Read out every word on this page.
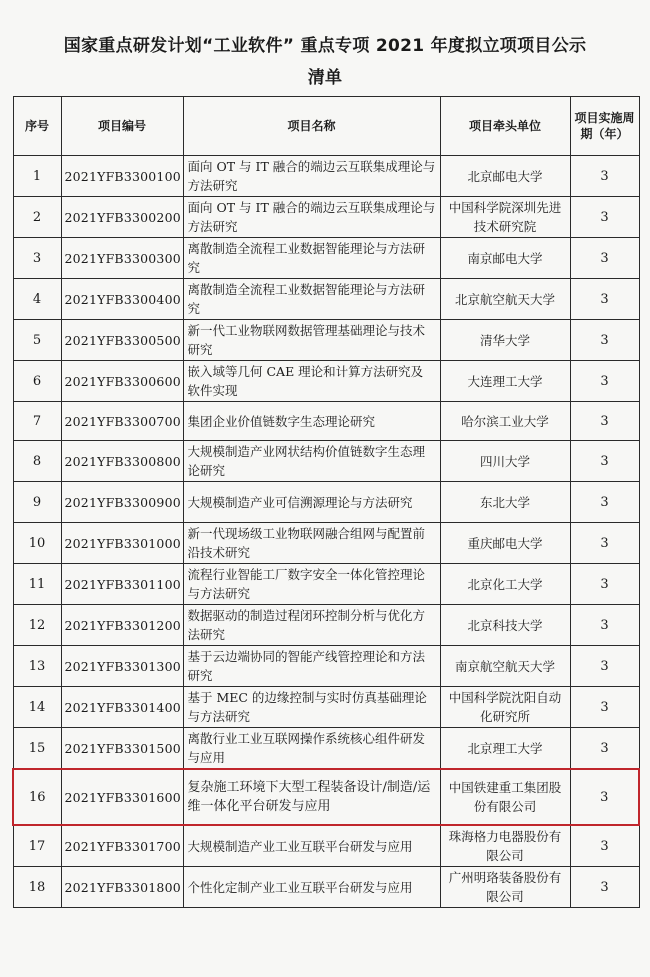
国家重点研发计划“工业软件” 重点专项 2021 年度拟立项项目公示
清单
序号	项目编号	项目名称	项目牵头单位	项目实施周期（年）
1	2021YFB3300100	面向 OT 与 IT 融合的端边云互联集成理论与方法研究	北京邮电大学	3
2	2021YFB3300200	面向 OT 与 IT 融合的端边云互联集成理论与方法研究	中国科学院深圳先进技术研究院	3
3	2021YFB3300300	离散制造全流程工业数据智能理论与方法研究	南京邮电大学	3
4	2021YFB3300400	离散制造全流程工业数据智能理论与方法研究	北京航空航天大学	3
5	2021YFB3300500	新一代工业物联网数据管理基础理论与技术研究	清华大学	3
6	2021YFB3300600	嵌入域等几何 CAE 理论和计算方法研究及软件实现	大连理工大学	3
7	2021YFB3300700	集团企业价值链数字生态理论研究	哈尔滨工业大学	3
8	2021YFB3300800	大规模制造产业网状结构价值链数字生态理论研究	四川大学	3
9	2021YFB3300900	大规模制造产业可信溯源理论与方法研究	东北大学	3
10	2021YFB3301000	新一代现场级工业物联网融合组网与配置前沿技术研究	重庆邮电大学	3
11	2021YFB3301100	流程行业智能工厂数字安全一体化管控理论与方法研究	北京化工大学	3
12	2021YFB3301200	数据驱动的制造过程闭环控制分析与优化方法研究	北京科技大学	3
13	2021YFB3301300	基于云边端协同的智能产线管控理论和方法研究	南京航空航天大学	3
14	2021YFB3301400	基于 MEC 的边缘控制与实时仿真基础理论与方法研究	中国科学院沈阳自动化研究所	3
15	2021YFB3301500	离散行业工业互联网操作系统核心组件研发与应用	北京理工大学	3
16	2021YFB3301600	复杂施工环境下大型工程装备设计/制造/运维一体化平台研发与应用	中国铁建重工集团股份有限公司	3
17	2021YFB3301700	大规模制造产业工业互联平台研发与应用	珠海格力电器股份有限公司	3
18	2021YFB3301800	个性化定制产业工业互联平台研发与应用	广州明珞装备股份有限公司	3
